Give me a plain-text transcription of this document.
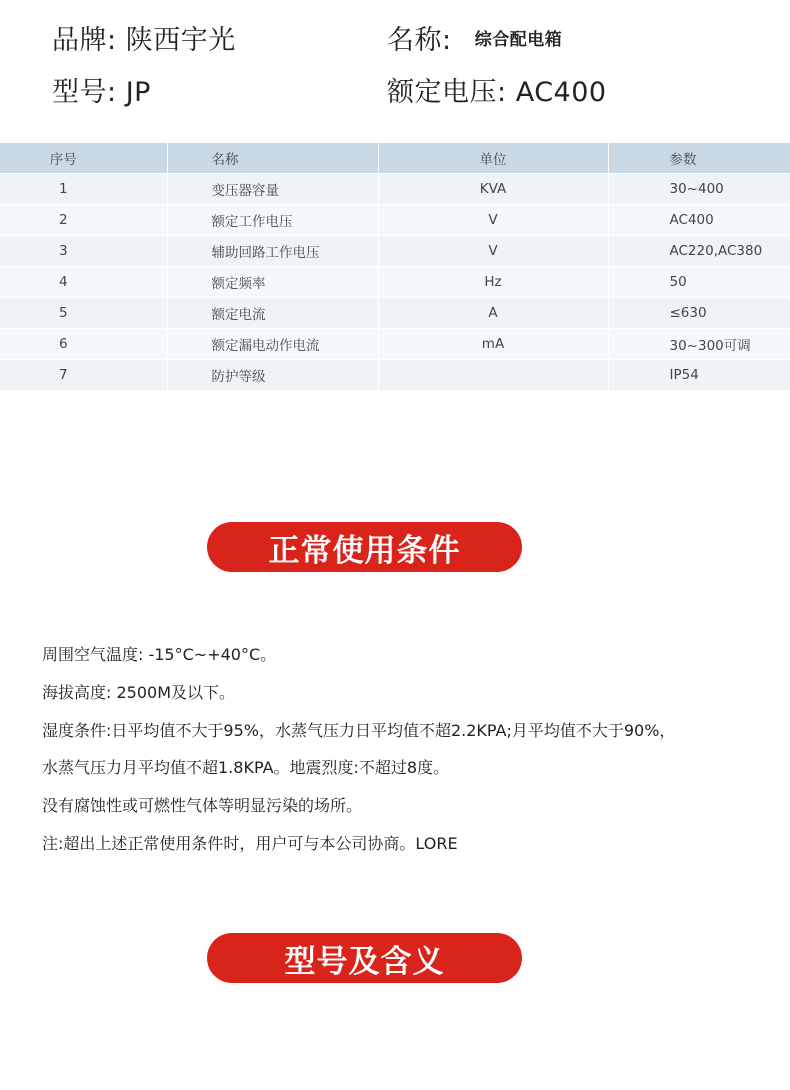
品牌: 陕西宇光	名称: 综合配电箱
型号: JP	额定电压: AC400
序号	名称	单位	参数
1	变压器容量	KVA	30~400
2	额定工作电压	V	AC400
3	辅助回路工作电压	V	AC220,AC380
4	额定频率	Hz	50
5	额定电流	A	≤630
6	额定漏电动作电流	mA	30~300可调
7	防护等级		IP54
正常使用条件

周围空气温度: -15°C~+40°C。

海拔高度: 2500M及以下。

湿度条件:日平均值不大于95%，水蒸气压力日平均值不超2.2KPA;月平均值不大于90%，

水蒸气压力月平均值不超1.8KPA。地震烈度:不超过8度。

没有腐蚀性或可燃性气体等明显污染的场所。

注:超出上述正常使用条件时，用户可与本公司协商。LORE

型号及含义
